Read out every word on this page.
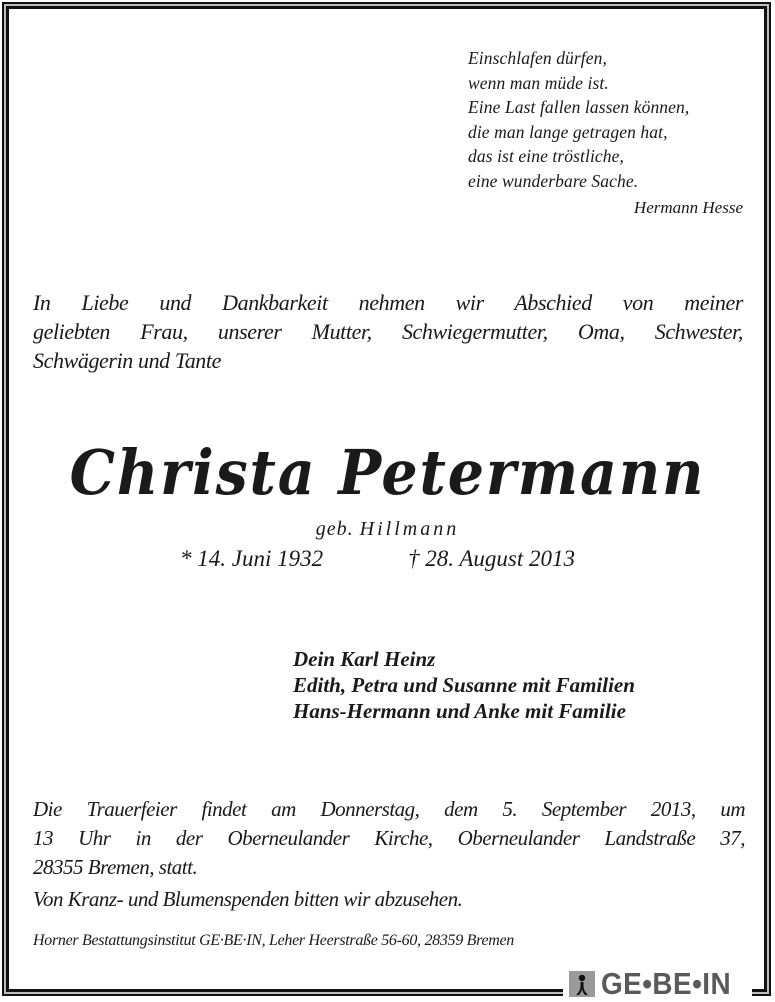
Einschlafen dürfen,
wenn man müde ist.
Eine Last fallen lassen können,
die man lange getragen hat,
das ist eine tröstliche,
eine wunderbare Sache.
Hermann Hesse
In Liebe und Dankbarkeit nehmen wir Abschied von meiner
geliebten Frau, unserer Mutter, Schwiegermutter, Oma, Schwester,
Schwägerin und Tante
Christa Petermann
geb. Hillmann
* 14. Juni 1932	† 28. August 2013
Dein Karl Heinz
Edith, Petra und Susanne mit Familien
Hans-Hermann und Anke mit Familie
Die Trauerfeier findet am Donnerstag, dem 5. September 2013, um
13 Uhr in der Oberneulander Kirche, Oberneulander Landstraße 37,
28355 Bremen, statt.
Von Kranz- und Blumenspenden bitten wir abzusehen.
Horner Bestattungsinstitut GE·BE·IN, Leher Heerstraße 56-60, 28359 Bremen
GE•BE•IN
